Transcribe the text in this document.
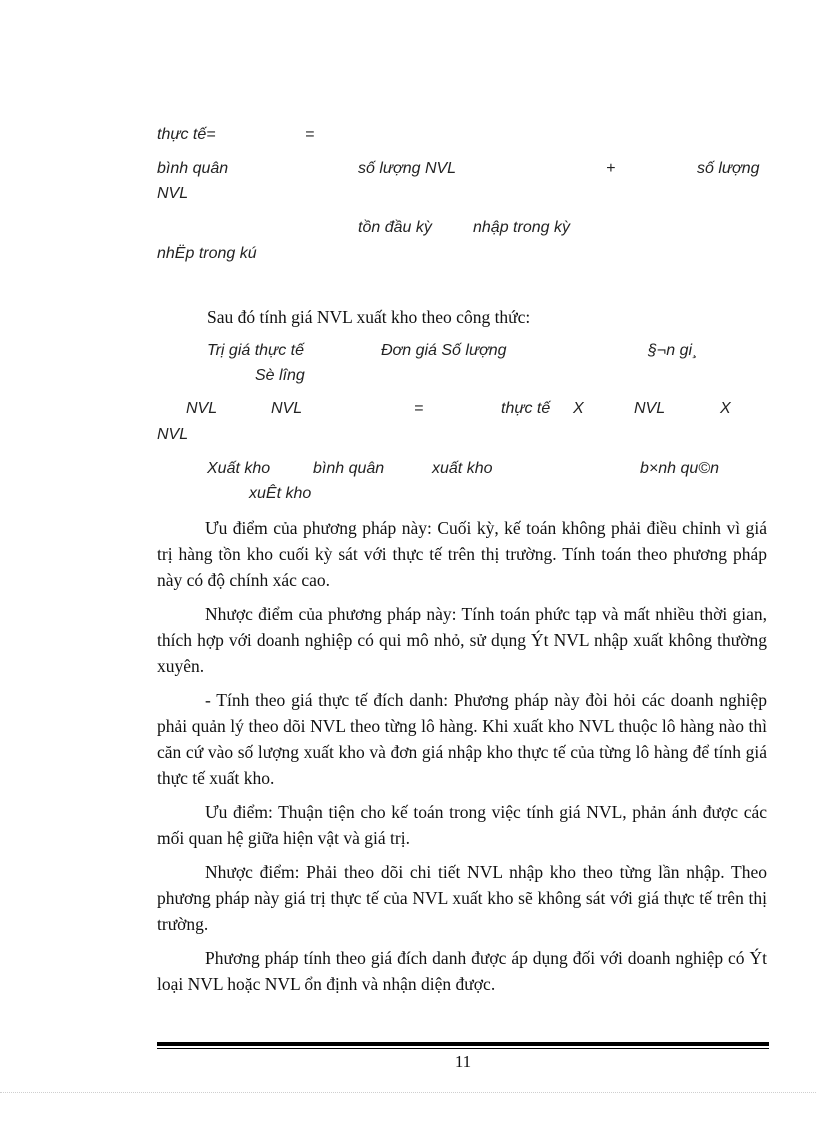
thực tế=	=
bình quân	số lượng NVL	+	số lượng
NVL
tồn đầu kỳ	nhập trong kỳ
nhËp trong kú
Sau đó tính giá NVL xuất kho theo công thức:
Trị giá thực tế	Đơn giá Số lượng	§¬n gi¸
Sè lîng
NVL	NVL	=	thực tế X	NVL	X
NVL
Xuất kho	bình quân	xuất kho	b×nh qu©n
xuÊt kho

Ưu điểm của phương pháp này: Cuối kỳ, kế toán không phải điều chỉnh vì giá trị hàng tồn kho cuối kỳ sát với thực tế trên thị trường. Tính toán theo phương pháp này có độ chính xác cao.

Nhược điểm của phương pháp này: Tính toán phức tạp và mất nhiều thời gian, thích hợp với doanh nghiệp có qui mô nhỏ, sử dụng Ýt NVL nhập xuất không thường xuyên.

- Tính theo giá thực tế đích danh: Phương pháp này đòi hỏi các doanh nghiệp phải quản lý theo dõi NVL theo từng lô hàng. Khi xuất kho NVL thuộc lô hàng nào thì căn cứ vào số lượng xuất kho và đơn giá nhập kho thực tế của từng lô hàng để tính giá thực tế xuất kho.

Ưu điểm: Thuận tiện cho kế toán trong việc tính giá NVL, phản ánh được các mối quan hệ giữa hiện vật và giá trị.

Nhược điểm: Phải theo dõi chi tiết NVL nhập kho theo từng lần nhập. Theo phương pháp này giá trị thực tế của NVL xuất kho sẽ không sát với giá thực tế trên thị trường.

Phương pháp tính theo giá đích danh được áp dụng đối với doanh nghiệp có Ýt loại NVL hoặc NVL ổn định và nhận diện được.

11
